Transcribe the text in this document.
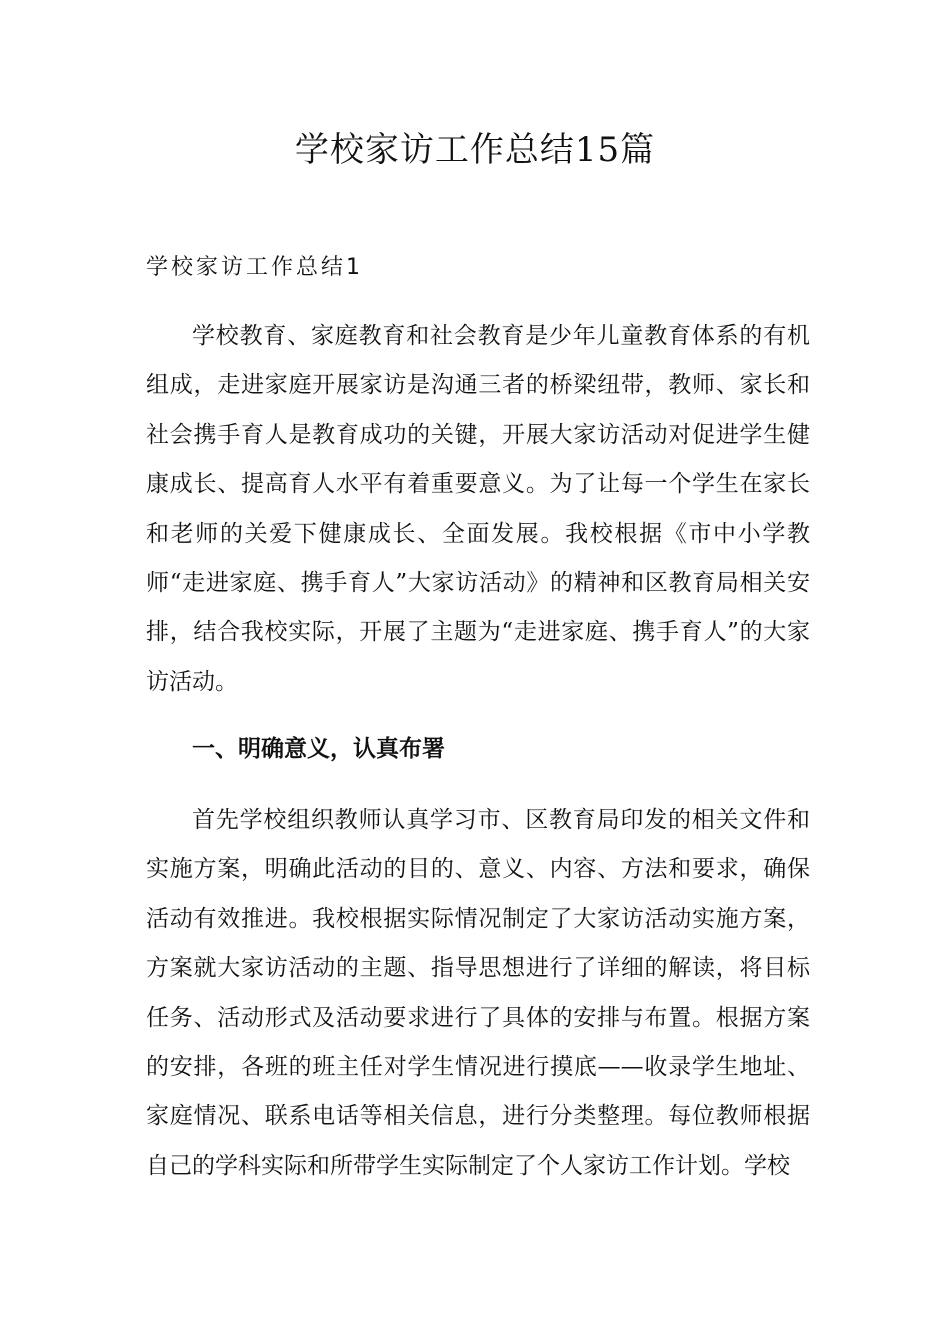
学校家访工作总结15篇
学校家访工作总结1

学校教育、家庭教育和社会教育是少年儿童教育体系的有机组成，走进家庭开展家访是沟通三者的桥梁纽带，教师、家长和社会携手育人是教育成功的关键，开展大家访活动对促进学生健康成长、提高育人水平有着重要意义。为了让每一个学生在家长和老师的关爱下健康成长、全面发展。我校根据《市中小学教师“走进家庭、携手育人”大家访活动》的精神和区教育局相关安排，结合我校实际，开展了主题为“走进家庭、携手育人”的大家访活动。

一、明确意义，认真布署

首先学校组织教师认真学习市、区教育局印发的相关文件和实施方案，明确此活动的目的、意义、内容、方法和要求，确保活动有效推进。我校根据实际情况制定了大家访活动实施方案，方案就大家访活动的主题、指导思想进行了详细的解读，将目标任务、活动形式及活动要求进行了具体的安排与布置。根据方案的安排，各班的班主任对学生情况进行摸底——收录学生地址、家庭情况、联系电话等相关信息，进行分类整理。每位教师根据自己的学科实际和所带学生实际制定了个人家访工作计划。学校
